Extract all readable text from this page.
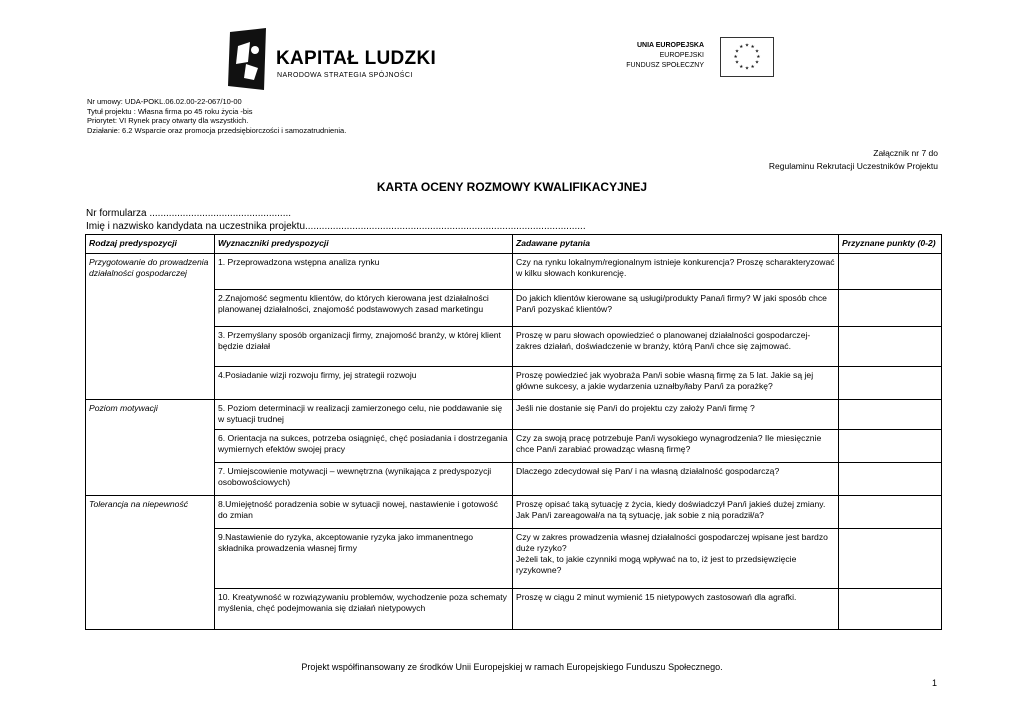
KAPITAŁ LUDZKI
NARODOWA STRATEGIA SPÓJNOŚCI
UNIA EUROPEJSKA
EUROPEJSKI
FUNDUSZ SPOŁECZNY
★ ★
★
★
★
★
★
★
★
★
★
★
Nr umowy: UDA-POKL.06.02.00-22-067/10-00
Tytuł projektu : Własna firma po 45 roku życia -bis
Priorytet: VI Rynek pracy otwarty dla wszystkich.
Działanie: 6.2 Wsparcie oraz promocja przedsiębiorczości i samozatrudnienia.
Załącznik nr 7 do
Regulaminu Rekrutacji Uczestników Projektu
KARTA OCENY ROZMOWY KWALIFIKACYJNEJ
Nr formularza ...................................................
Imię i nazwisko kandydata na uczestnika projektu.....................................................................................................
Rodzaj predyspozycji	Wyznaczniki predyspozycji	Zadawane pytania	Przyznane punkty (0-2)
Przygotowanie do prowadzenia działalności gospodarczej	1. Przeprowadzona wstępna analiza rynku	Czy na rynku lokalnym/regionalnym istnieje konkurencja? Proszę scharakteryzować w kilku słowach konkurencję.	
	2.Znajomość segmentu klientów, do których kierowana jest działalności planowanej działalności, znajomość podstawowych zasad marketingu	Do jakich klientów kierowane są usługi/produkty Pana/i firmy? W jaki sposób chce Pan/i pozyskać klientów?	
	3. Przemyślany sposób organizacji firmy, znajomość branży, w której klient będzie działał	Proszę w paru słowach opowiedzieć o planowanej działalności gospodarczej- zakres działań, doświadczenie w branży, którą Pan/i chce się zajmować.	
	4.Posiadanie wizji rozwoju firmy, jej strategii rozwoju	Proszę powiedzieć jak wyobraża Pan/i sobie własną firmę za 5 lat. Jakie są jej główne sukcesy, a jakie wydarzenia uznałby/łaby Pan/i za porażkę?	
Poziom motywacji	5. Poziom determinacji w realizacji zamierzonego celu, nie poddawanie się w sytuacji trudnej	Jeśli nie dostanie się Pan/i do projektu czy założy Pan/i firmę ?	
	6. Orientacja na sukces, potrzeba osiągnięć, chęć posiadania i dostrzegania wymiernych efektów swojej pracy	Czy za swoją pracę potrzebuje Pan/i wysokiego wynagrodzenia? Ile miesięcznie chce Pan/i zarabiać prowadząc własną firmę?	
	7. Umiejscowienie motywacji – wewnętrzna (wynikająca z predyspozycji osobowościowych)	Dlaczego zdecydował się Pan/ i na własną działalność gospodarczą?	
Tolerancja na niepewność	8.Umiejętność poradzenia sobie w sytuacji nowej, nastawienie i gotowość do zmian	Proszę opisać taką sytuację z życia, kiedy doświadczył Pan/i jakieś dużej zmiany. Jak Pan/i zareagował/a na tą sytuację, jak sobie z nią poradził/a?	
	9.Nastawienie do ryzyka, akceptowanie ryzyka jako immanentnego składnika prowadzenia własnej firmy	Czy w zakres prowadzenia własnej działalności gospodarczej wpisane jest bardzo duże ryzyko?
Jeżeli tak, to jakie czynniki mogą wpływać na to, iż jest to przedsięwzięcie ryzykowne?	
	10. Kreatywność w rozwiązywaniu problemów, wychodzenie poza schematy myślenia, chęć podejmowania się działań nietypowych	Proszę w ciągu 2 minut wymienić 15 nietypowych zastosowań dla agrafki.	
Projekt współfinansowany ze środków Unii Europejskiej w ramach Europejskiego Funduszu Społecznego.
1
